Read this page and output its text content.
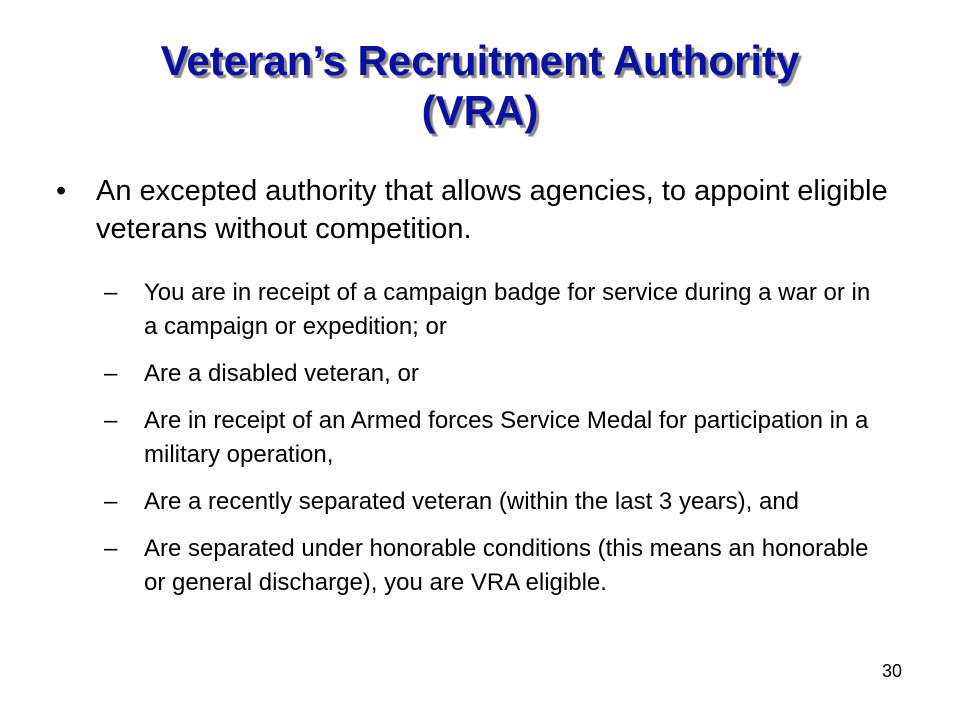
Veteran’s Recruitment Authority
(VRA)
• An excepted authority that allows agencies, to appoint eligible veterans without competition.
– You are in receipt of a campaign badge for service during a war or in a campaign or expedition; or
– Are a disabled veteran, or
– Are in receipt of an Armed forces Service Medal for participation in a military operation,
– Are a recently separated veteran (within the last 3 years), and
– Are separated under honorable conditions (this means an honorable or general discharge), you are VRA eligible.
30
